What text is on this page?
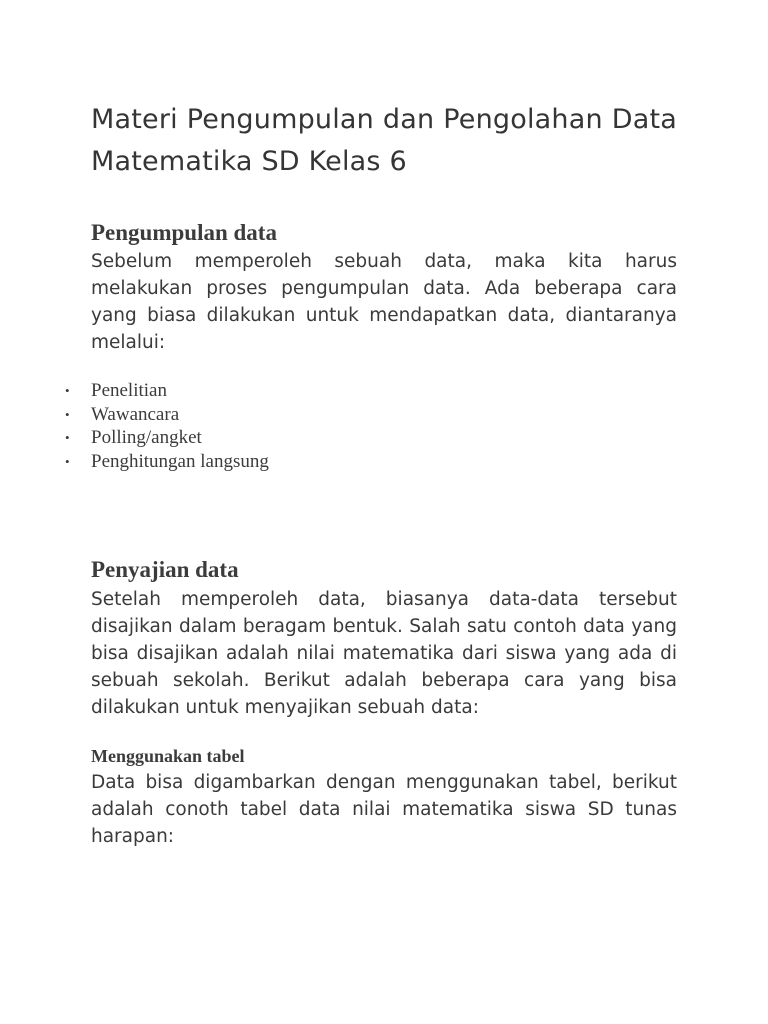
Materi Pengumpulan dan Pengolahan Data Matematika SD Kelas 6
Pengumpulan data

Sebelum memperoleh sebuah data, maka kita harus melakukan proses pengumpulan data. Ada beberapa cara yang biasa dilakukan untuk mendapatkan data, diantaranya melalui:

• Penelitian
• Wawancara
• Polling/angket
• Penghitungan langsung
Penyajian data

Setelah memperoleh data, biasanya data-data tersebut disajikan dalam beragam bentuk. Salah satu contoh data yang bisa disajikan adalah nilai matematika dari siswa yang ada di sebuah sekolah. Berikut adalah beberapa cara yang bisa dilakukan untuk menyajikan sebuah data:

Menggunakan tabel

Data bisa digambarkan dengan menggunakan tabel, berikut adalah conoth tabel data nilai matematika siswa SD tunas harapan:
